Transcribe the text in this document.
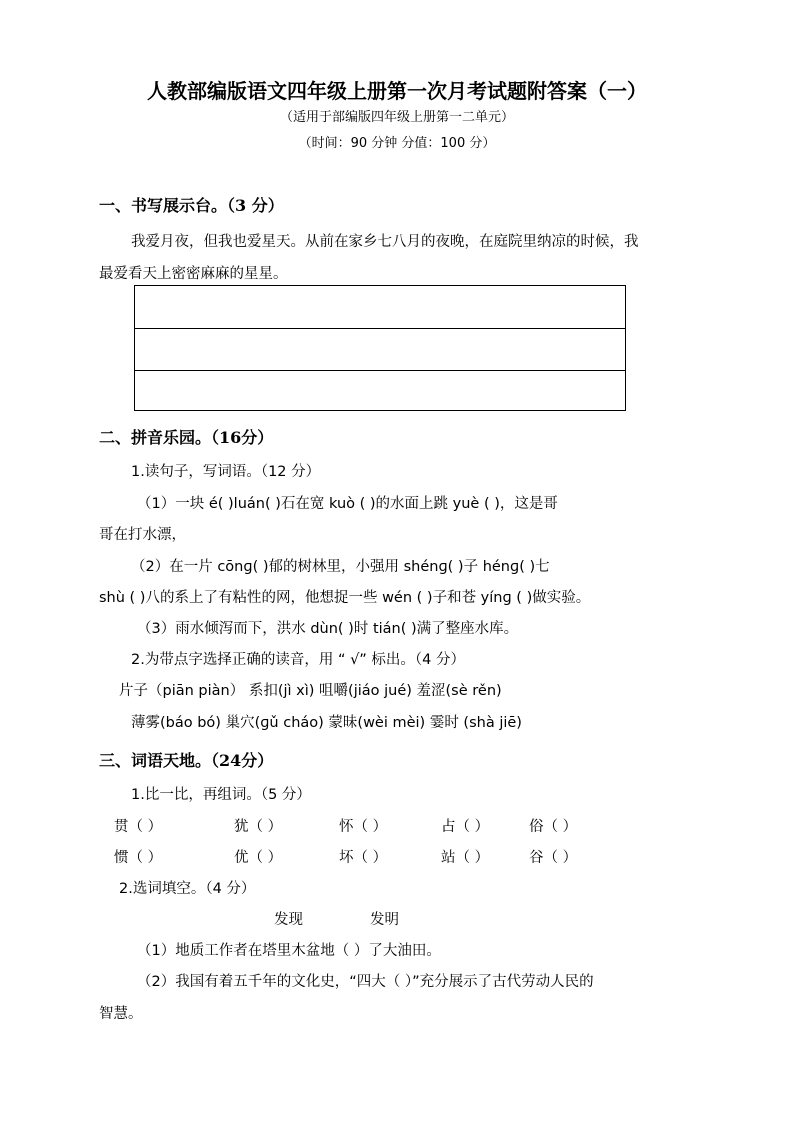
人教部编版语文四年级上册第一次月考试题附答案（一）
（适用于部编版四年级上册第一二单元）
（时间：90 分钟 分值：100 分）
一、书写展示台。（3 分）
我爱月夜，但我也爱星天。从前在家乡七八月的夜晚，在庭院里纳凉的时候，我
最爱看天上密密麻麻的星星。
二、拼音乐园。（16分）
1.读句子，写词语。（12 分）
（1）一块 é( )luán( )石在宽 kuò ( )的水面上跳 yuè ( )，这是哥
哥在打水漂，
（2）在一片 cōnɡ( )郁的树林里，小强用 shénɡ( )子 hénɡ( )七
shù ( )八的系上了有粘性的网，他想捉一些 wén ( )子和苍 yínɡ ( )做实验。
（3）雨水倾泻而下，洪水 dùn( )时 tián( )满了整座水库。
2.为带点字选择正确的读音，用 “ √” 标出。（4 分）
片子（piān piàn） 系扣(jì xì) 咀嚼(jiáo jué) 羞涩(sè rěn)
薄雾(báo bó) 巢穴(ɡǔ cháo) 蒙昧(wèi mèi) 霎时 (shà jiē)
三、词语天地。（24分）
1.比一比，再组词。（5 分）
贯（ ）	犹（ ）	怀（ ）	占（ ）	俗（ ）
惯（ ）	优（ ）	坏（ ）	站（ ）	谷（ ）
2.选词填空。（4 分）
发现	发明
（1）地质工作者在塔里木盆地（ ）了大油田。
（2）我国有着五千年的文化史，“四大（ ）”充分展示了古代劳动人民的
智慧。
